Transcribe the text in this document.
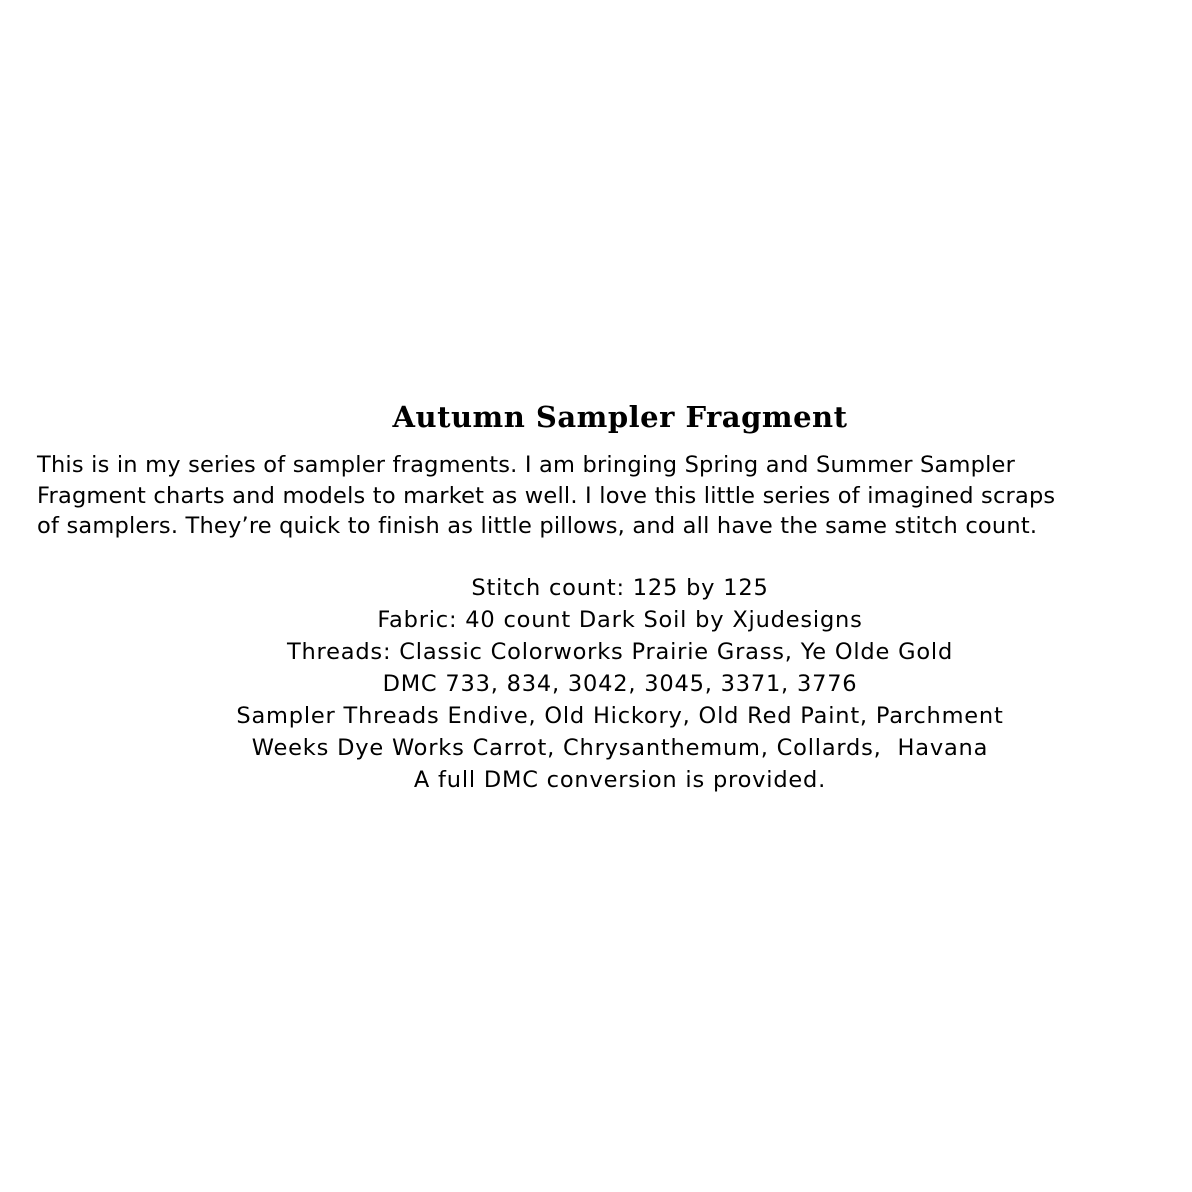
Autumn Sampler Fragment
This is in my series of sampler fragments. I am bringing Spring and Summer Sampler
Fragment charts and models to market as well. I love this little series of imagined scraps
of samplers. They’re quick to finish as little pillows, and all have the same stitch count.
Stitch count: 125 by 125
Fabric: 40 count Dark Soil by Xjudesigns
Threads: Classic Colorworks Prairie Grass, Ye Olde Gold
DMC 733, 834, 3042, 3045, 3371, 3776
Sampler Threads Endive, Old Hickory, Old Red Paint, Parchment
Weeks Dye Works Carrot, Chrysanthemum, Collards,  Havana
A full DMC conversion is provided.
